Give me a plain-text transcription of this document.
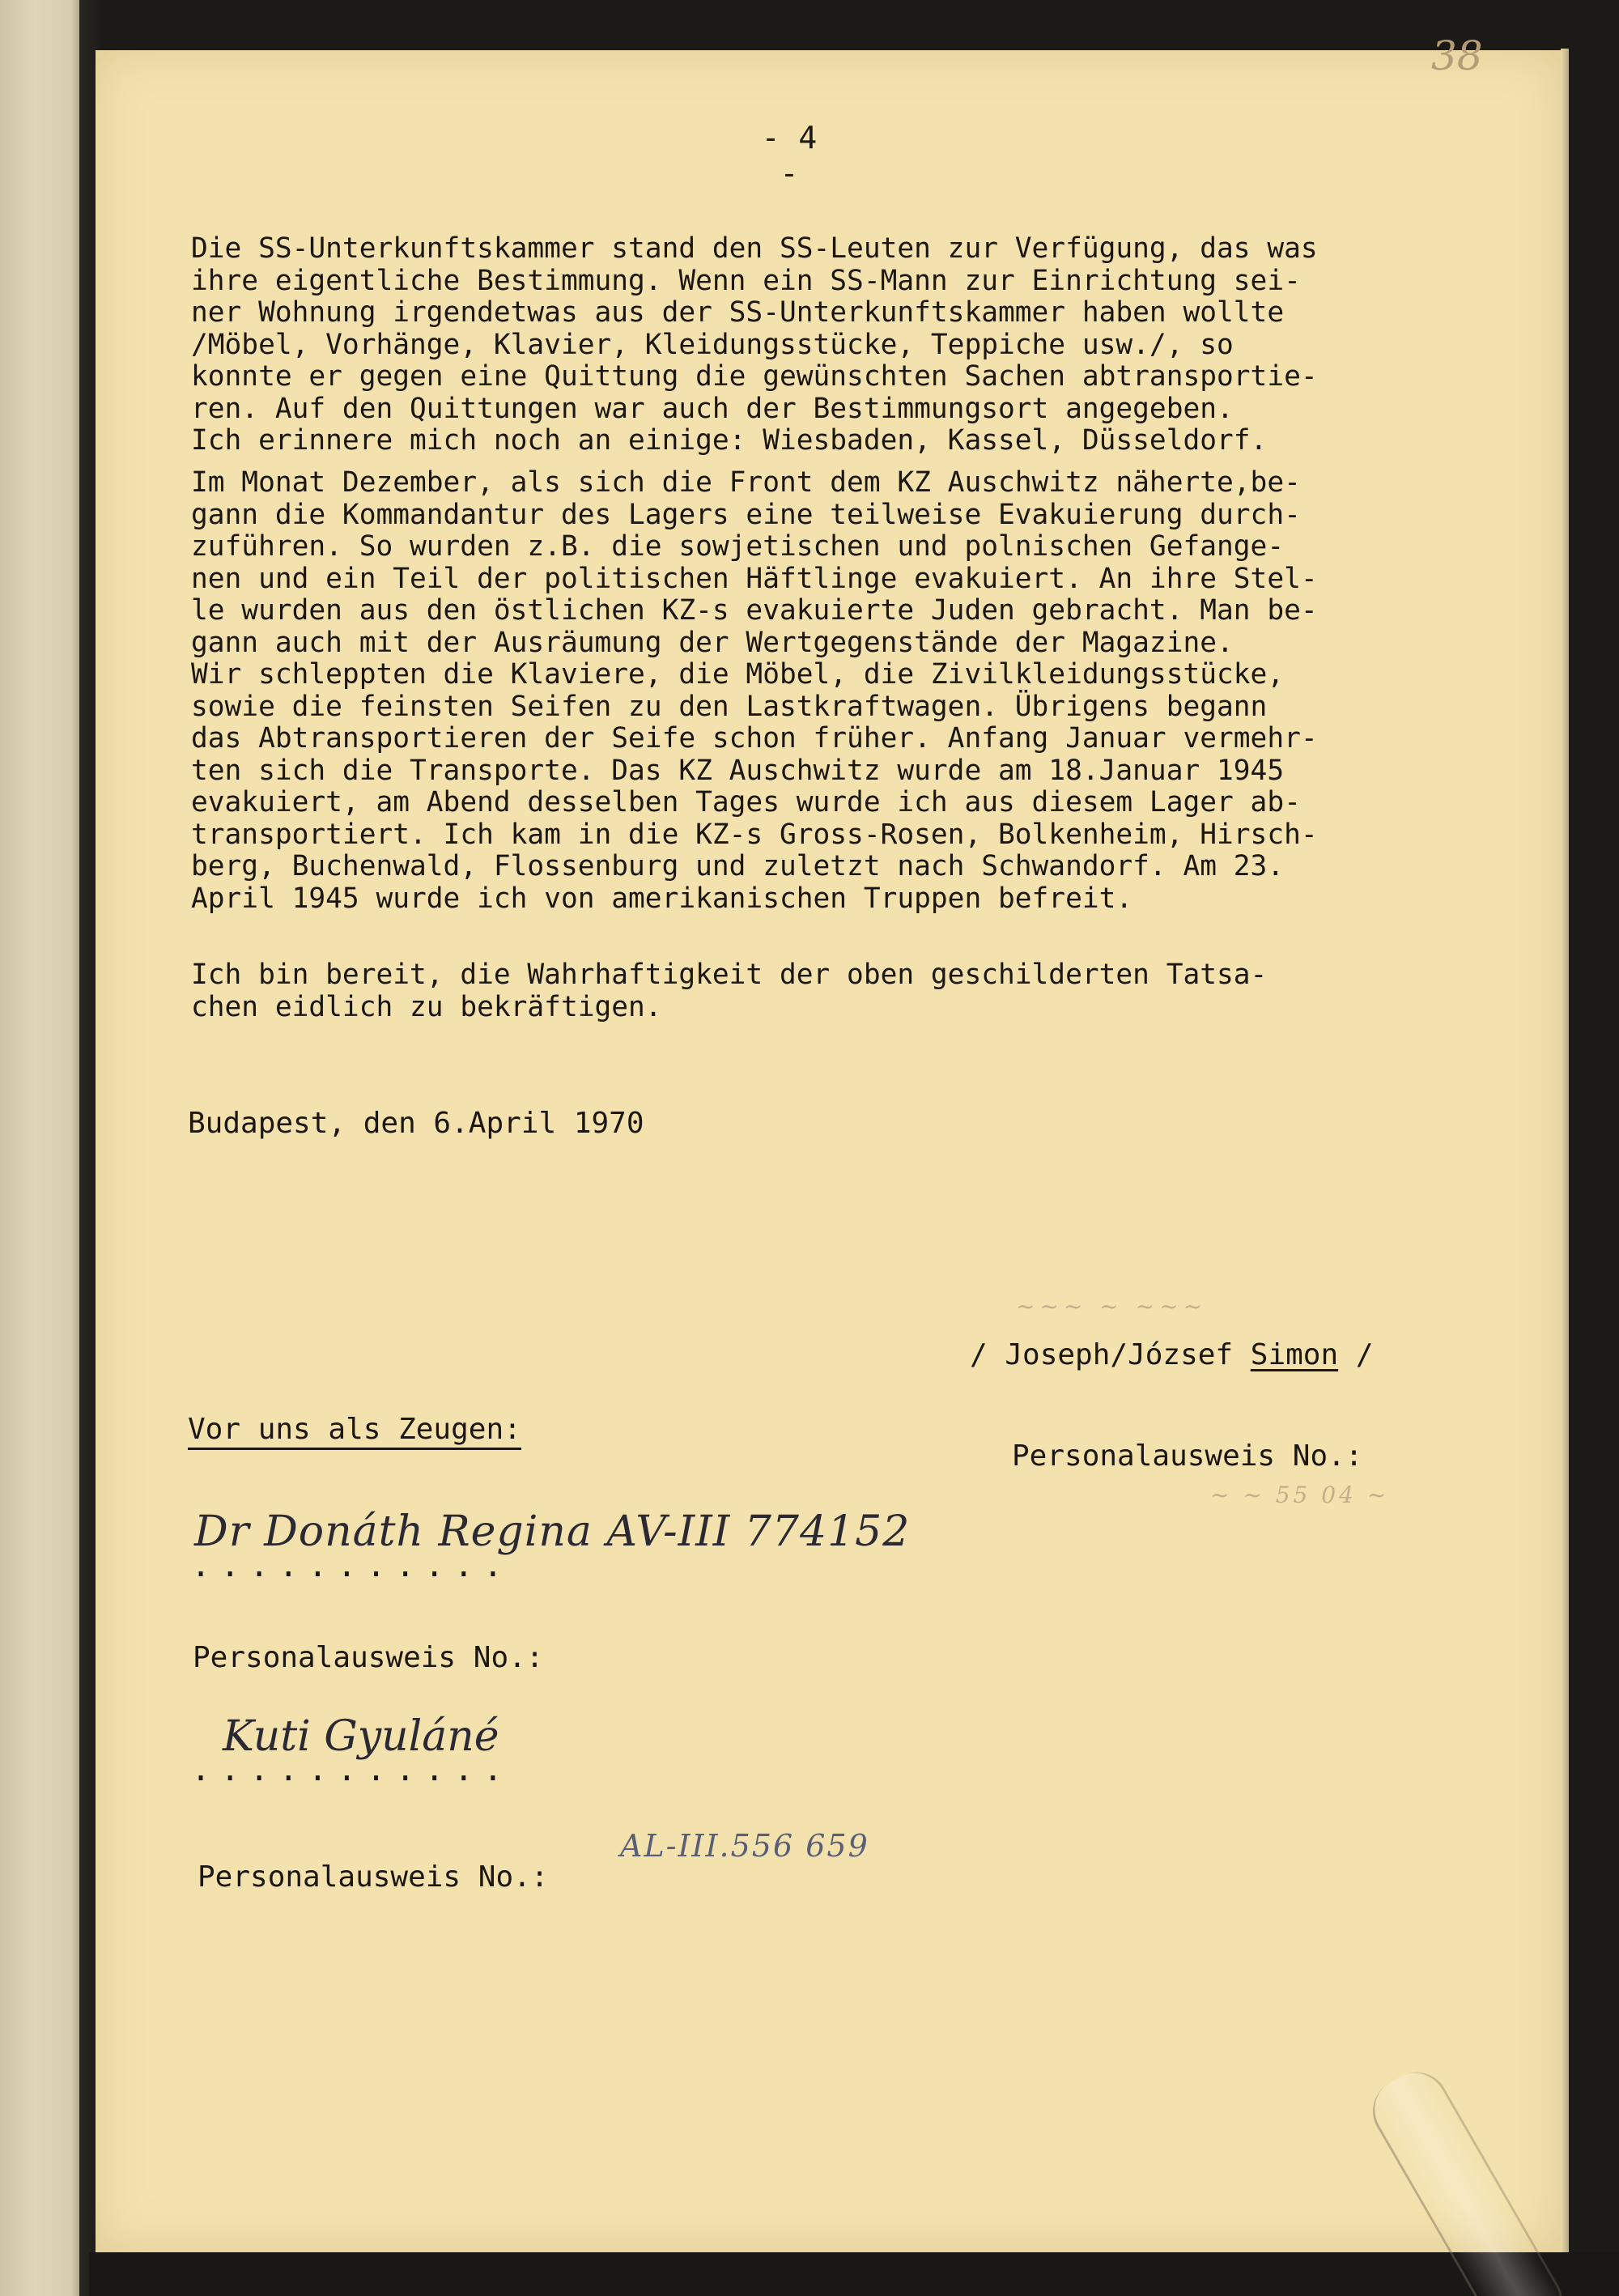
38
- 4 -
Die SS-Unterkunftskammer stand den SS-Leuten zur Verfügung, das was
ihre eigentliche Bestimmung. Wenn ein SS-Mann zur Einrichtung sei-
ner Wohnung irgendetwas aus der SS-Unterkunftskammer haben wollte
/Möbel, Vorhänge, Klavier, Kleidungsstücke, Teppiche usw./, so
konnte er gegen eine Quittung die gewünschten Sachen abtransportie-
ren. Auf den Quittungen war auch der Bestimmungsort angegeben.
Ich erinnere mich noch an einige: Wiesbaden, Kassel, Düsseldorf.
Im Monat Dezember, als sich die Front dem KZ Auschwitz näherte,be-
gann die Kommandantur des Lagers eine teilweise Evakuierung durch-
zuführen. So wurden z.B. die sowjetischen und polnischen Gefange-
nen und ein Teil der politischen Häftlinge evakuiert. An ihre Stel-
le wurden aus den östlichen KZ-s evakuierte Juden gebracht. Man be-
gann auch mit der Ausräumung der Wertgegenstände der Magazine.
Wir schleppten die Klaviere, die Möbel, die Zivilkleidungsstücke,
sowie die feinsten Seifen zu den Lastkraftwagen. Übrigens begann
das Abtransportieren der Seife schon früher. Anfang Januar vermehr-
ten sich die Transporte. Das KZ Auschwitz wurde am 18.Januar 1945
evakuiert, am Abend desselben Tages wurde ich aus diesem Lager ab-
transportiert. Ich kam in die KZ-s Gross-Rosen, Bolkenheim, Hirsch-
berg, Buchenwald, Flossenburg und zuletzt nach Schwandorf. Am 23.
April 1945 wurde ich von amerikanischen Truppen befreit.
Ich bin bereit, die Wahrhaftigkeit der oben geschilderten Tatsa-
chen eidlich zu bekräftigen.
Budapest, den 6.April 1970
~~~ ~ ~~~
/ Joseph/József Simon /
Vor uns als Zeugen:
Personalausweis No.:
~ ~ 55 04 ~
Dr Donáth Regina AV-III 774152
...........
Personalausweis No.:
Kuti Gyuláné
...........
Personalausweis No.:
AL-III.556 659
